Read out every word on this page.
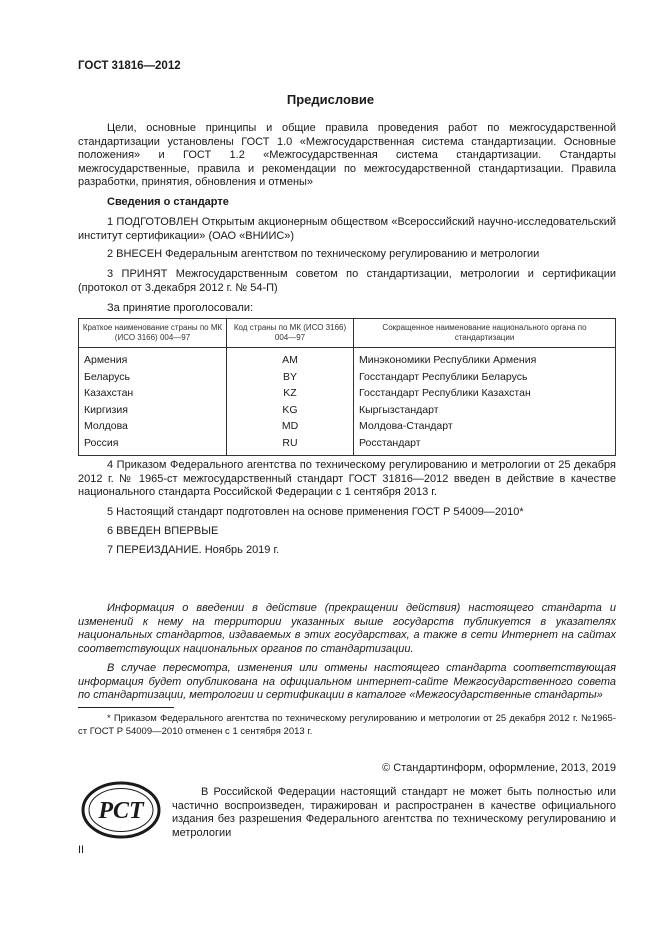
ГОСТ 31816—2012
Предисловие
Цели, основные принципы и общие правила проведения работ по межгосударственной стандартизации установлены ГОСТ 1.0 «Межгосударственная система стандартизации. Основные положения» и ГОСТ 1.2 «Межгосударственная система стандартизации. Стандарты межгосударственные, правила и рекомендации по межгосударственной стандартизации. Правила разработки, принятия, обновления и отмены»
Сведения о стандарте
1 ПОДГОТОВЛЕН Открытым акционерным обществом «Всероссийский научно-исследовательский институт сертификации» (ОАО «ВНИИС»)
2 ВНЕСЕН Федеральным агентством по техническому регулированию и метрологии
3 ПРИНЯТ Межгосударственным советом по стандартизации, метрологии и сертификации (протокол от 3.декабря 2012 г. № 54-П)
За принятие проголосовали:
Краткое наименование страны по МК (ИСО 3166) 004—97	Код страны по МК (ИСО 3166) 004—97	Сокращенное наименование национального органа по стандартизации
Армения	AM	Минэкономики Республики Армения
Беларусь	BY	Госстандарт Республики Беларусь
Казахстан	KZ	Госстандарт Республики Казахстан
Киргизия	KG	Кыргызстандарт
Молдова	MD	Молдова-Стандарт
Россия	RU	Росстандарт
4 Приказом Федерального агентства по техническому регулированию и метрологии от 25 декабря 2012 г. № 1965-ст межгосударственный стандарт ГОСТ 31816—2012 введен в действие в качестве национального стандарта Российской Федерации с 1 сентября 2013 г.
5 Настоящий стандарт подготовлен на основе применения ГОСТ Р 54009—2010*
6 ВВЕДЕН ВПЕРВЫЕ
7 ПЕРЕИЗДАНИЕ. Ноябрь 2019 г.
Информация о введении в действие (прекращении действия) настоящего стандарта и изменений к нему на территории указанных выше государств публикуется в указателях национальных стандартов, издаваемых в этих государствах, а также в сети Интернет на сайтах соответствующих национальных органов по стандартизации.
В случае пересмотра, изменения или отмены настоящего стандарта соответствующая информация будет опубликована на официальном интернет-сайте Межгосударственного совета по стандартизации, метрологии и сертификации в каталоге «Межгосударственные стандарты»
* Приказом Федерального агентства по техническому регулированию и метрологии от 25 декабря 2012 г. №1965-ст ГОСТ Р 54009—2010 отменен с 1 сентября 2013 г.
© Стандартинформ, оформление, 2013, 2019
РСТ
В Российской Федерации настоящий стандарт не может быть полностью или частично воспроизведен, тиражирован и распространен в качестве официального издания без разрешения Федерального агентства по техническому регулированию и метрологии
II
